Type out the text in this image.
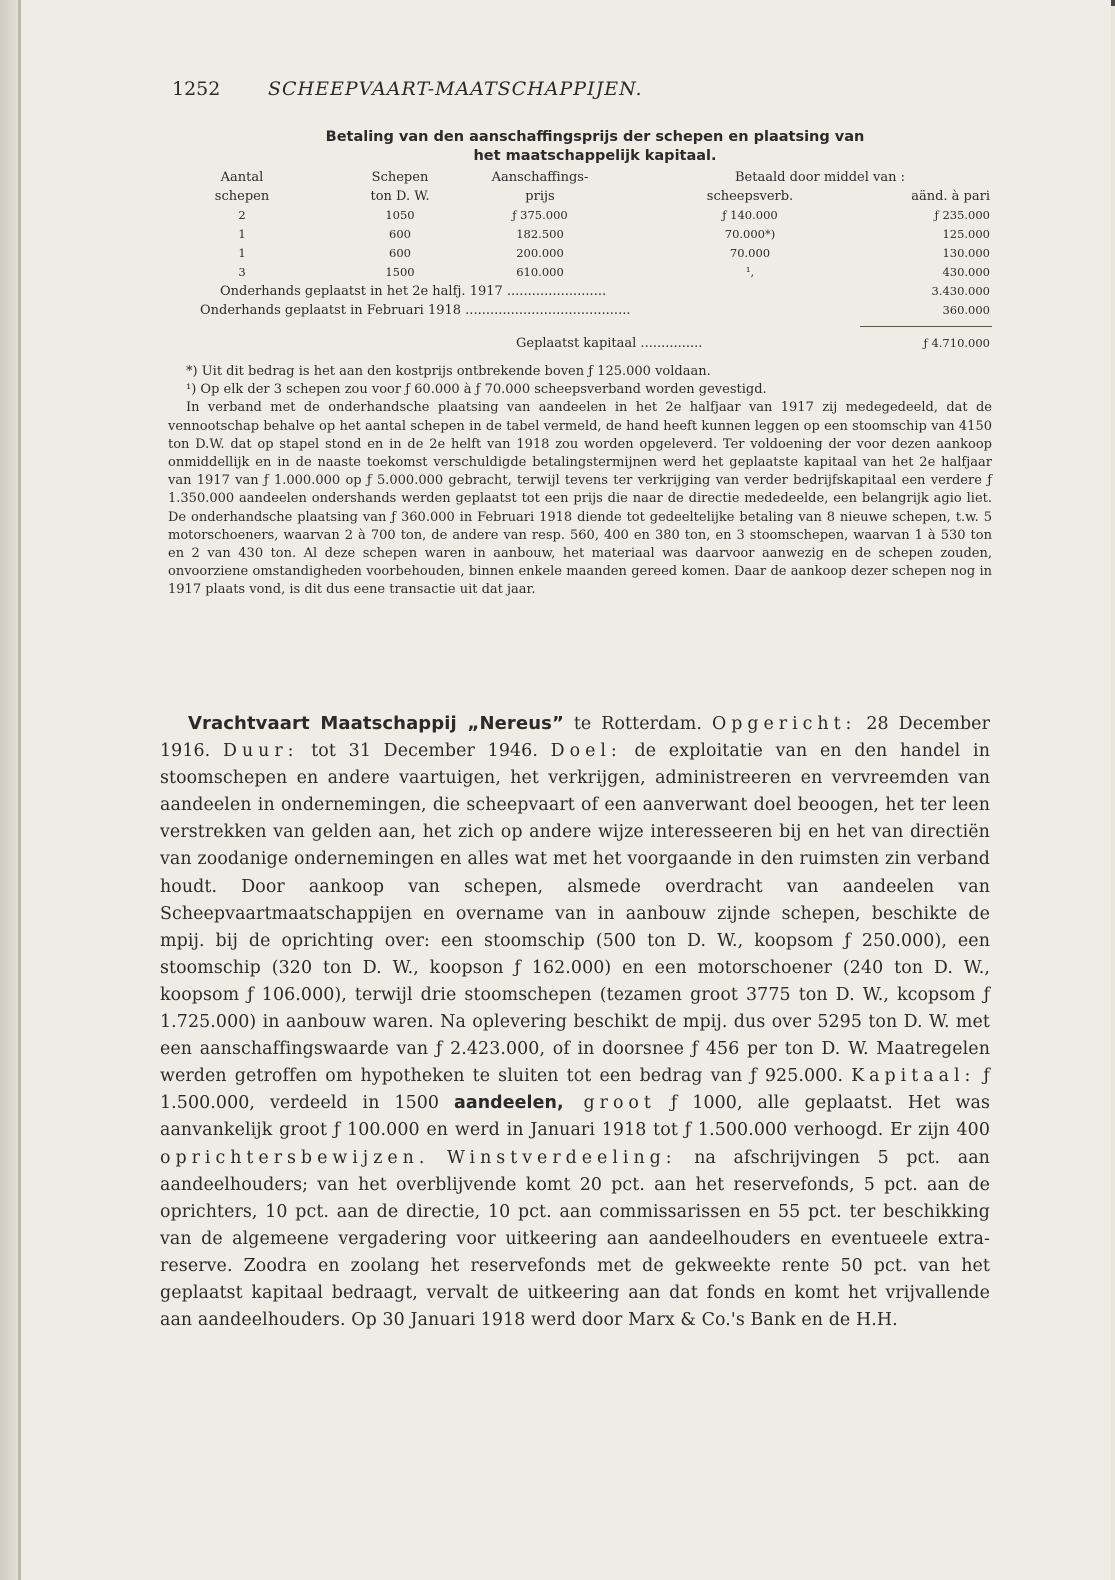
1252	SCHEEPVAART-MAATSCHAPPIJEN.
Betaling van den aanschaffingsprijs der schepen en plaatsing van
het maatschappelijk kapitaal.
Aantal	Schepen	Aanschaffings-	Betaald door middel van :
schepen	ton D. W.	prijs	scheepsverb.	aänd. à pari
2	1050	ƒ 375.000	ƒ 140.000	ƒ 235.000
1	600	182.500	70.000*)	125.000
1	600	200.000	70.000	130.000
3	1500	610.000	¹,	430.000
Onderhands geplaatst in het 2e halfj. 1917 ........................	3.430.000
Onderhands geplaatst in Februari 1918 ........................................	360.000
Geplaatst kapitaal ...............	ƒ 4.710.000

*) Uit dit bedrag is het aan den kostprijs ontbrekende boven ƒ 125.000 voldaan.

¹) Op elk der 3 schepen zou voor ƒ 60.000 à ƒ 70.000 scheepsverband worden gevestigd.

In verband met de onderhandsche plaatsing van aandeelen in het 2e halfjaar van 1917 zij medegedeeld, dat de vennootschap behalve op het aantal schepen in de tabel vermeld, de hand heeft kunnen leggen op een stoomschip van 4150 ton D.W. dat op stapel stond en in de 2e helft van 1918 zou worden opgeleverd. Ter voldoening der voor dezen aankoop onmiddellijk en in de naaste toekomst verschuldigde betalingstermijnen werd het geplaatste kapitaal van het 2e halfjaar van 1917 van ƒ 1.000.000 op ƒ 5.000.000 gebracht, terwijl tevens ter verkrijging van verder bedrijfskapitaal een verdere ƒ 1.350.000 aandeelen ondershands werden geplaatst tot een prijs die naar de directie mededeelde, een belangrijk agio liet. De onderhandsche plaatsing van ƒ 360.000 in Februari 1918 diende tot gedeeltelijke betaling van 8 nieuwe schepen, t.w. 5 motorschoeners, waarvan 2 à 700 ton, de andere van resp. 560, 400 en 380 ton, en 3 stoomschepen, waarvan 1 à 530 ton en 2 van 430 ton. Al deze schepen waren in aanbouw, het materiaal was daarvoor aanwezig en de schepen zouden, onvoorziene omstandigheden voorbehouden, binnen enkele maanden gereed komen. Daar de aankoop dezer schepen nog in 1917 plaats vond, is dit dus eene transactie uit dat jaar.

Vrachtvaart Maatschappij „Nereus” te Rotterdam. Opgericht: 28 December 1916. Duur: tot 31 December 1946. Doel: de exploitatie van en den handel in stoomschepen en andere vaartuigen, het verkrijgen, administreeren en vervreemden van aandeelen in ondernemingen, die scheepvaart of een aanverwant doel beoogen, het ter leen verstrekken van gelden aan, het zich op andere wijze interesseeren bij en het van directiën van zoodanige ondernemingen en alles wat met het voorgaande in den ruimsten zin verband houdt. Door aankoop van schepen, alsmede overdracht van aandeelen van Scheepvaartmaatschappijen en overname van in aanbouw zijnde schepen, beschikte de mpij. bij de oprichting over: een stoomschip (500 ton D. W., koopsom ƒ 250.000), een stoomschip (320 ton D. W., koopson ƒ 162.000) en een motorschoener (240 ton D. W., koopsom ƒ 106.000), terwijl drie stoomschepen (tezamen groot 3775 ton D. W., kcopsom ƒ 1.725.000) in aanbouw waren. Na oplevering beschikt de mpij. dus over 5295 ton D. W. met een aanschaffingswaarde van ƒ 2.423.000, of in doorsnee ƒ 456 per ton D. W. Maatregelen werden getroffen om hypotheken te sluiten tot een bedrag van ƒ 925.000. Kapitaal: ƒ 1.500.000, verdeeld in 1500 aandeelen, groot ƒ 1000, alle geplaatst. Het was aanvankelijk groot ƒ 100.000 en werd in Januari 1918 tot ƒ 1.500.000 verhoogd. Er zijn 400 oprichtersbewijzen. Winstverdeeling: na afschrijvingen 5 pct. aan aandeelhouders; van het overblijvende komt 20 pct. aan het reservefonds, 5 pct. aan de oprichters, 10 pct. aan de directie, 10 pct. aan commissarissen en 55 pct. ter beschikking van de algemeene vergadering voor uitkeering aan aandeelhouders en eventueele extra-reserve. Zoodra en zoolang het reservefonds met de gekweekte rente 50 pct. van het geplaatst kapitaal bedraagt, vervalt de uitkeering aan dat fonds en komt het vrijvallende aan aandeelhouders. Op 30 Januari 1918 werd door Marx & Co.'s Bank en de H.H.
